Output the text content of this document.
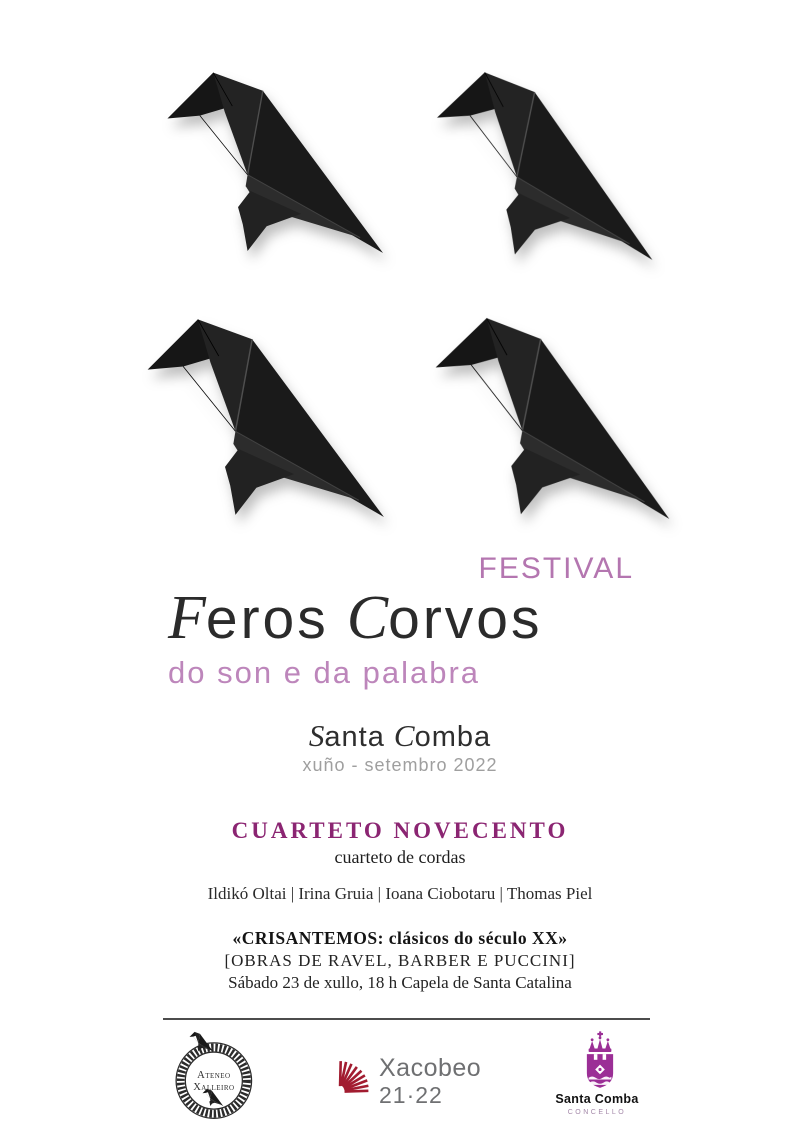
FESTIVAL
Feros Corvos
do son e da palabra
Santa Comba
xuño - setembro 2022
CUARTETO NOVECENTO
cuarteto de cordas
Ildikó Oltai | Irina Gruia | Ioana Ciobotaru | Thomas Piel
«CRISANTEMOS: clásicos do século XX»
[OBRAS DE RAVEL, BARBER E PUCCINI]
Sábado 23 de xullo, 18 h Capela de Santa Catalina
Ateneo
Xalleiro
Xacobeo
21·22	Santa Comba
CONCELLO
